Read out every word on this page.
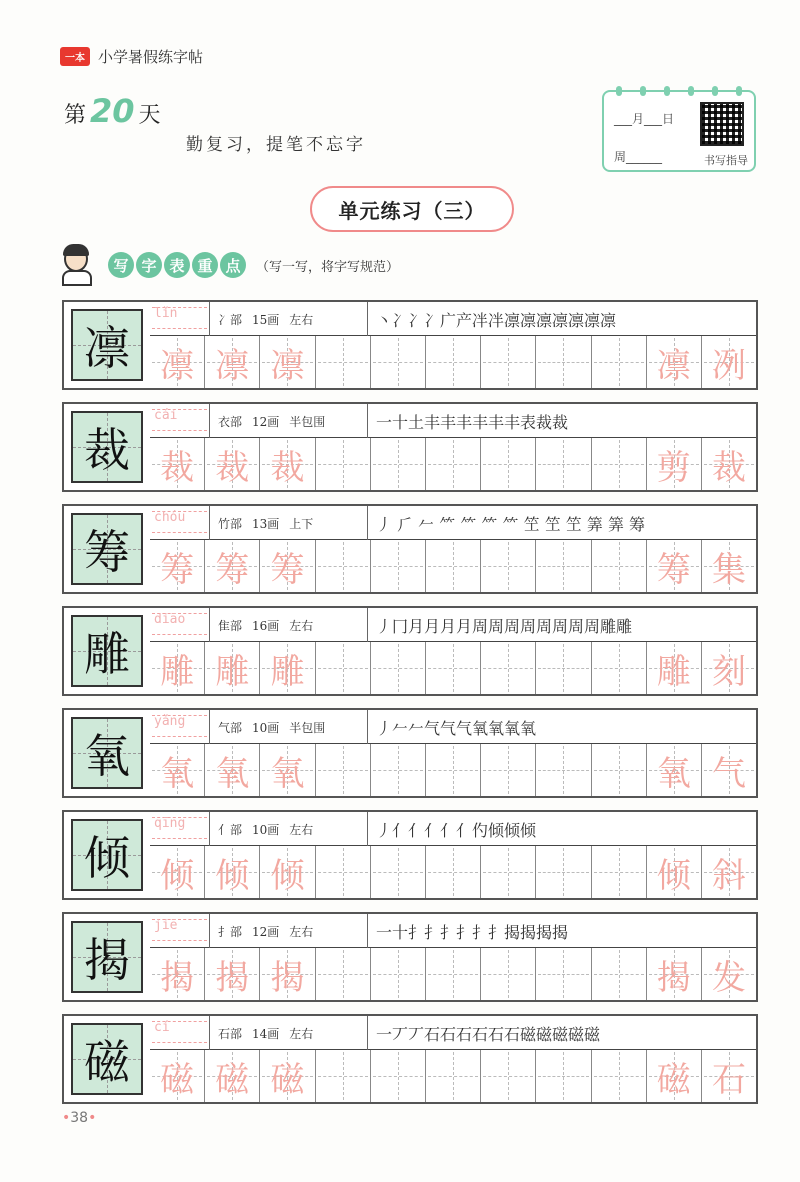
一本 小学暑假练字帖
第 20 天
勤复习，提笔不忘字
___月___日
周______	书写指导
单元练习（三）
写 字 表 重 点	（写一写，将字写规范）
凛
lǐn	冫部 15画 左右	丶冫冫冫广产冸冸凛凛凛凛凛凛凛
凛 凛 凛	凛 冽
裁
cái	衣部 12画 半包围	一十土丰丰丰丰丰丰表裁裁
裁 裁 裁	剪 裁
筹
chóu	竹部 13画 上下	丿 ⺁ 𠂉 ⺮ ⺮ ⺮ ⺮ 笁 笁 笁 筭 筭 筹
筹 筹 筹	筹 集
雕
diāo	隹部 16画 左右	丿冂月月月月周周周周周周周周雕雕
雕 雕 雕	雕 刻
氧
yǎng	气部 10画 半包围	丿𠂉𠂉气气气氧氧氧氧
氧 氧 氧	氧 气
倾
qīng	亻部 10画 左右	丿亻亻亻亻亻仢倾倾倾
倾 倾 倾	倾 斜
揭
jiē	扌部 12画 左右	一十扌扌扌扌扌扌揭揭揭揭
揭 揭 揭	揭 发
磁
cí	石部 14画 左右	一丆丆石石石石石石磁磁磁磁磁
磁 磁 磁	磁 石
•38•
